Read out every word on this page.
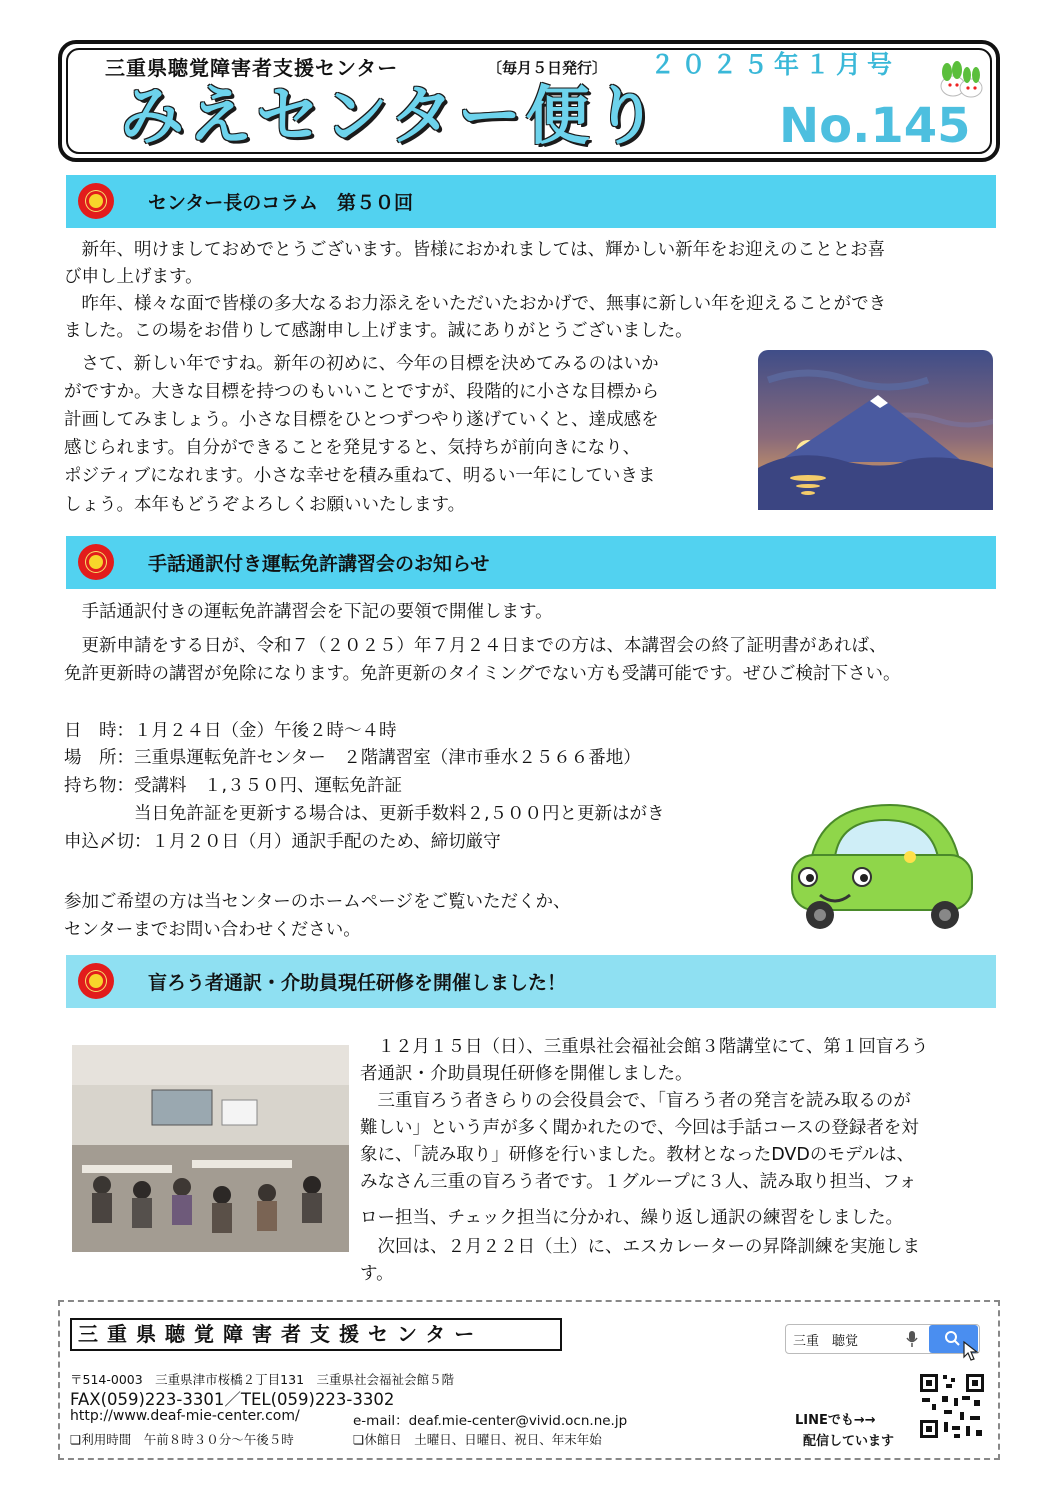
三重県聴覚障害者支援センター	〔毎月５日発行〕 ２０２５年１月号
みえセンター便り No.145
センター長のコラム　第５０回
　新年、明けましておめでとうございます。皆様におかれましては、輝かしい新年をお迎えのこととお喜
び申し上げます。
　昨年、様々な面で皆様の多大なるお力添えをいただいたおかげで、無事に新しい年を迎えることができ
ました。この場をお借りして感謝申し上げます。誠にありがとうございました。
　さて、新しい年ですね。新年の初めに、今年の目標を決めてみるのはいか
がですか。大きな目標を持つのもいいことですが、段階的に小さな目標から
計画してみましょう。小さな目標をひとつずつやり遂げていくと、達成感を
感じられます。自分ができることを発見すると、気持ちが前向きになり、
ポジティブになれます。小さな幸せを積み重ねて、明るい一年にしていきま
しょう。本年もどうぞよろしくお願いいたします。
手話通訳付き運転免許講習会のお知らせ
　手話通訳付きの運転免許講習会を下記の要領で開催します。
　更新申請をする日が、令和７（２０２５）年７月２４日までの方は、本講習会の終了証明書があれば、
免許更新時の講習が免除になります。免許更新のタイミングでない方も受講可能です。ぜひご検討下さい。
日　時：１月２４日（金）午後２時～４時
場　所：三重県運転免許センター　２階講習室（津市垂水２５６６番地）
持ち物：受講料　１,３５０円、運転免許証
　　　　当日免許証を更新する場合は、更新手数料２,５００円と更新はがき
申込〆切：１月２０日（月）通訳手配のため、締切厳守
参加ご希望の方は当センターのホームページをご覧いただくか、
センターまでお問い合わせください。
盲ろう者通訳・介助員現任研修を開催しました！
　１２月１５日（日）、三重県社会福祉会館３階講堂にて、第１回盲ろう
者通訳・介助員現任研修を開催しました。
　三重盲ろう者きらりの会役員会で、「盲ろう者の発言を読み取るのが
難しい」という声が多く聞かれたので、今回は手話コースの登録者を対
象に、「読み取り」研修を行いました。教材となったDVDのモデルは、
みなさん三重の盲ろう者です。１グループに３人、読み取り担当、フォ
ロー担当、チェック担当に分かれ、繰り返し通訳の練習をしました。
　次回は、２月２２日（土）に、エスカレーターの昇降訓練を実施しま
す。
三重県聴覚障害者支援センター	三重　聴覚
〒514-0003　三重県津市桜橋２丁目131　三重県社会福祉会館５階
FAX(059)223-3301／TEL(059)223-3302
http://www.deaf-mie-center.com/	e-mail：deaf.mie-center@vivid.ocn.ne.jp
❏利用時間　午前８時３０分～午後５時	❏休館日　土曜日、日曜日、祝日、年末年始
LINEでも→→
配信しています
